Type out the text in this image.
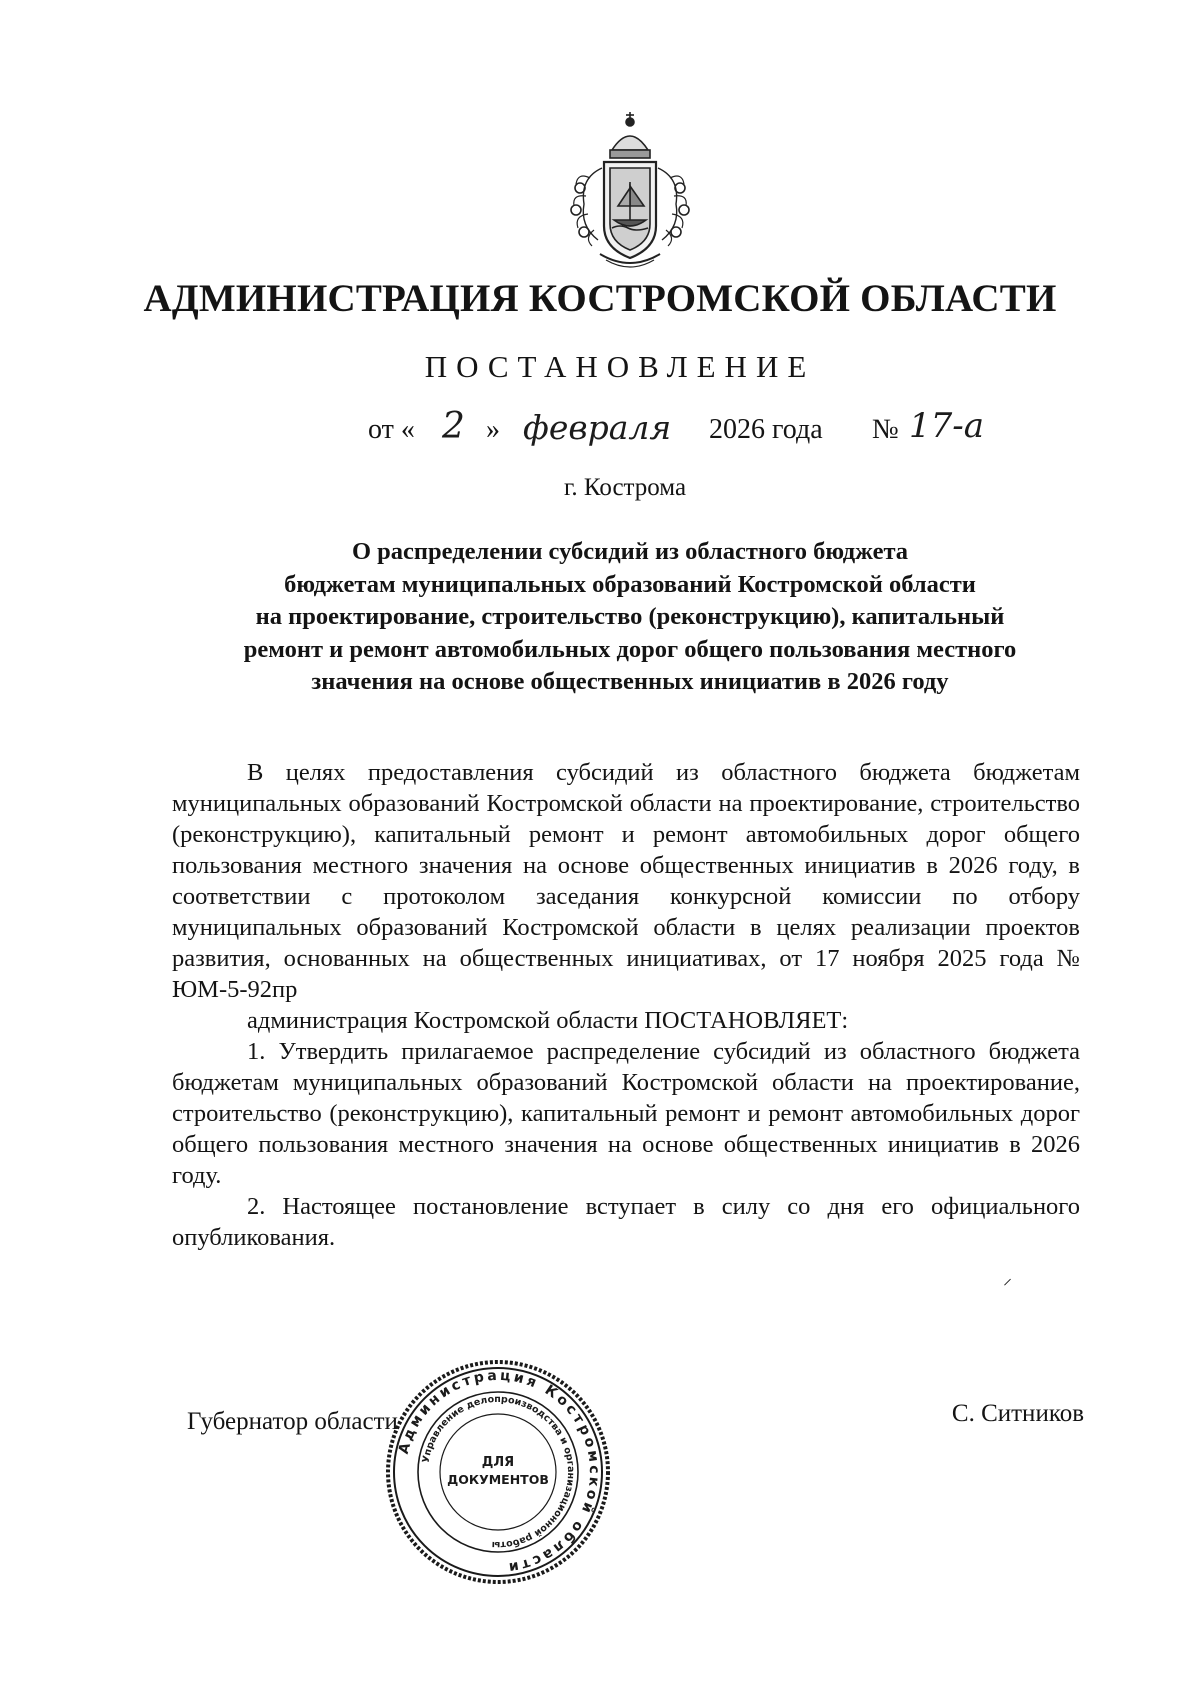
АДМИНИСТРАЦИЯ КОСТРОМСКОЙ ОБЛАСТИ
ПОСТАНОВЛЕНИЕ
от « 2 » февраля 2026 года № 17-а
г. Кострома
О распределении субсидий из областного бюджета
бюджетам муниципальных образований Костромской области
на проектирование, строительство (реконструкцию), капитальный
ремонт и ремонт автомобильных дорог общего пользования местного
значения на основе общественных инициатив в 2026 году

В целях предоставления субсидий из областного бюджета бюджетам муниципальных образований Костромской области на проектирование, строительство (реконструкцию), капитальный ремонт и ремонт автомобильных дорог общего пользования местного значения на основе общественных инициатив в 2026 году, в соответствии с протоколом заседания конкурсной комиссии по отбору муниципальных образований Костромской области в целях реализации проектов развития, основанных на общественных инициативах, от 17 ноября 2025 года № ЮМ-5-92пр

администрация Костромской области ПОСТАНОВЛЯЕТ:

1. Утвердить прилагаемое распределение субсидий из областного бюджета бюджетам муниципальных образований Костромской области на проектирование, строительство (реконструкцию), капитальный ремонт и ремонт автомобильных дорог общего пользования местного значения на основе общественных инициатив в 2026 году.

2. Настоящее постановление вступает в силу со дня его официального опубликования.

⸝
Губернатор области	С. Ситников
Администрация Костромской области
Управление делопроизводства и организационной работы
ДЛЯ
ДОКУМЕНТОВ
